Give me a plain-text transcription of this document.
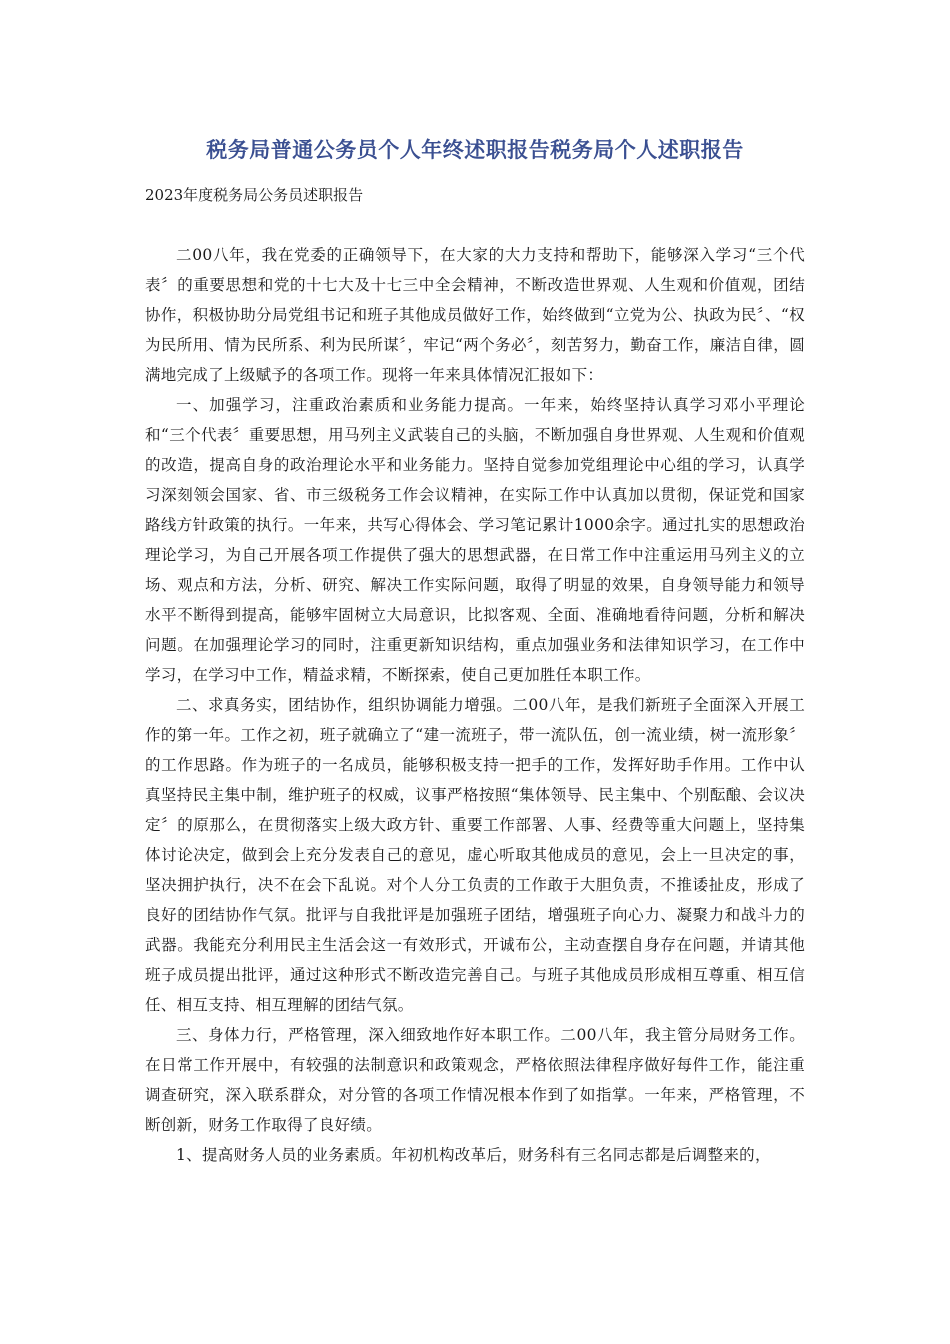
税务局普通公务员个人年终述职报告税务局个人述职报告
2023年度税务局公务员述职报告

二00八年，我在党委的正确领导下，在大家的大力支持和帮助下，能够深入学习“三个代表〞的重要思想和党的十七大及十七三中全会精神，不断改造世界观、人生观和价值观，团结协作，积极协助分局党组书记和班子其他成员做好工作，始终做到“立党为公、执政为民〞、“权为民所用、情为民所系、利为民所谋〞，牢记“两个务必〞，刻苦努力，勤奋工作，廉洁自律，圆满地完成了上级赋予的各项工作。现将一年来具体情况汇报如下：

一、加强学习，注重政治素质和业务能力提高。一年来，始终坚持认真学习邓小平理论和“三个代表〞重要思想，用马列主义武装自己的头脑，不断加强自身世界观、人生观和价值观的改造，提高自身的政治理论水平和业务能力。坚持自觉参加党组理论中心组的学习，认真学习深刻领会国家、省、市三级税务工作会议精神，在实际工作中认真加以贯彻，保证党和国家路线方针政策的执行。一年来，共写心得体会、学习笔记累计1000余字。通过扎实的思想政治理论学习，为自己开展各项工作提供了强大的思想武器，在日常工作中注重运用马列主义的立场、观点和方法，分析、研究、解决工作实际问题，取得了明显的效果，自身领导能力和领导水平不断得到提高，能够牢固树立大局意识，比拟客观、全面、准确地看待问题，分析和解决问题。在加强理论学习的同时，注重更新知识结构，重点加强业务和法律知识学习，在工作中学习，在学习中工作，精益求精，不断探索，使自己更加胜任本职工作。

二、求真务实，团结协作，组织协调能力增强。二00八年，是我们新班子全面深入开展工作的第一年。工作之初，班子就确立了“建一流班子，带一流队伍，创一流业绩，树一流形象〞的工作思路。作为班子的一名成员，能够积极支持一把手的工作，发挥好助手作用。工作中认真坚持民主集中制，维护班子的权威，议事严格按照“集体领导、民主集中、个别酝酿、会议决定〞的原那么，在贯彻落实上级大政方针、重要工作部署、人事、经费等重大问题上，坚持集体讨论决定，做到会上充分发表自己的意见，虚心听取其他成员的意见，会上一旦决定的事，坚决拥护执行，决不在会下乱说。对个人分工负责的工作敢于大胆负责，不推诿扯皮，形成了良好的团结协作气氛。批评与自我批评是加强班子团结，增强班子向心力、凝聚力和战斗力的武器。我能充分利用民主生活会这一有效形式，开诚布公，主动查摆自身存在问题，并请其他班子成员提出批评，通过这种形式不断改造完善自己。与班子其他成员形成相互尊重、相互信任、相互支持、相互理解的团结气氛。

三、身体力行，严格管理，深入细致地作好本职工作。二00八年，我主管分局财务工作。在日常工作开展中，有较强的法制意识和政策观念，严格依照法律程序做好每件工作，能注重调查研究，深入联系群众，对分管的各项工作情况根本作到了如指掌。一年来，严格管理，不断创新，财务工作取得了良好绩。

1、提高财务人员的业务素质。年初机构改革后，财务科有三名同志都是后调整来的，
